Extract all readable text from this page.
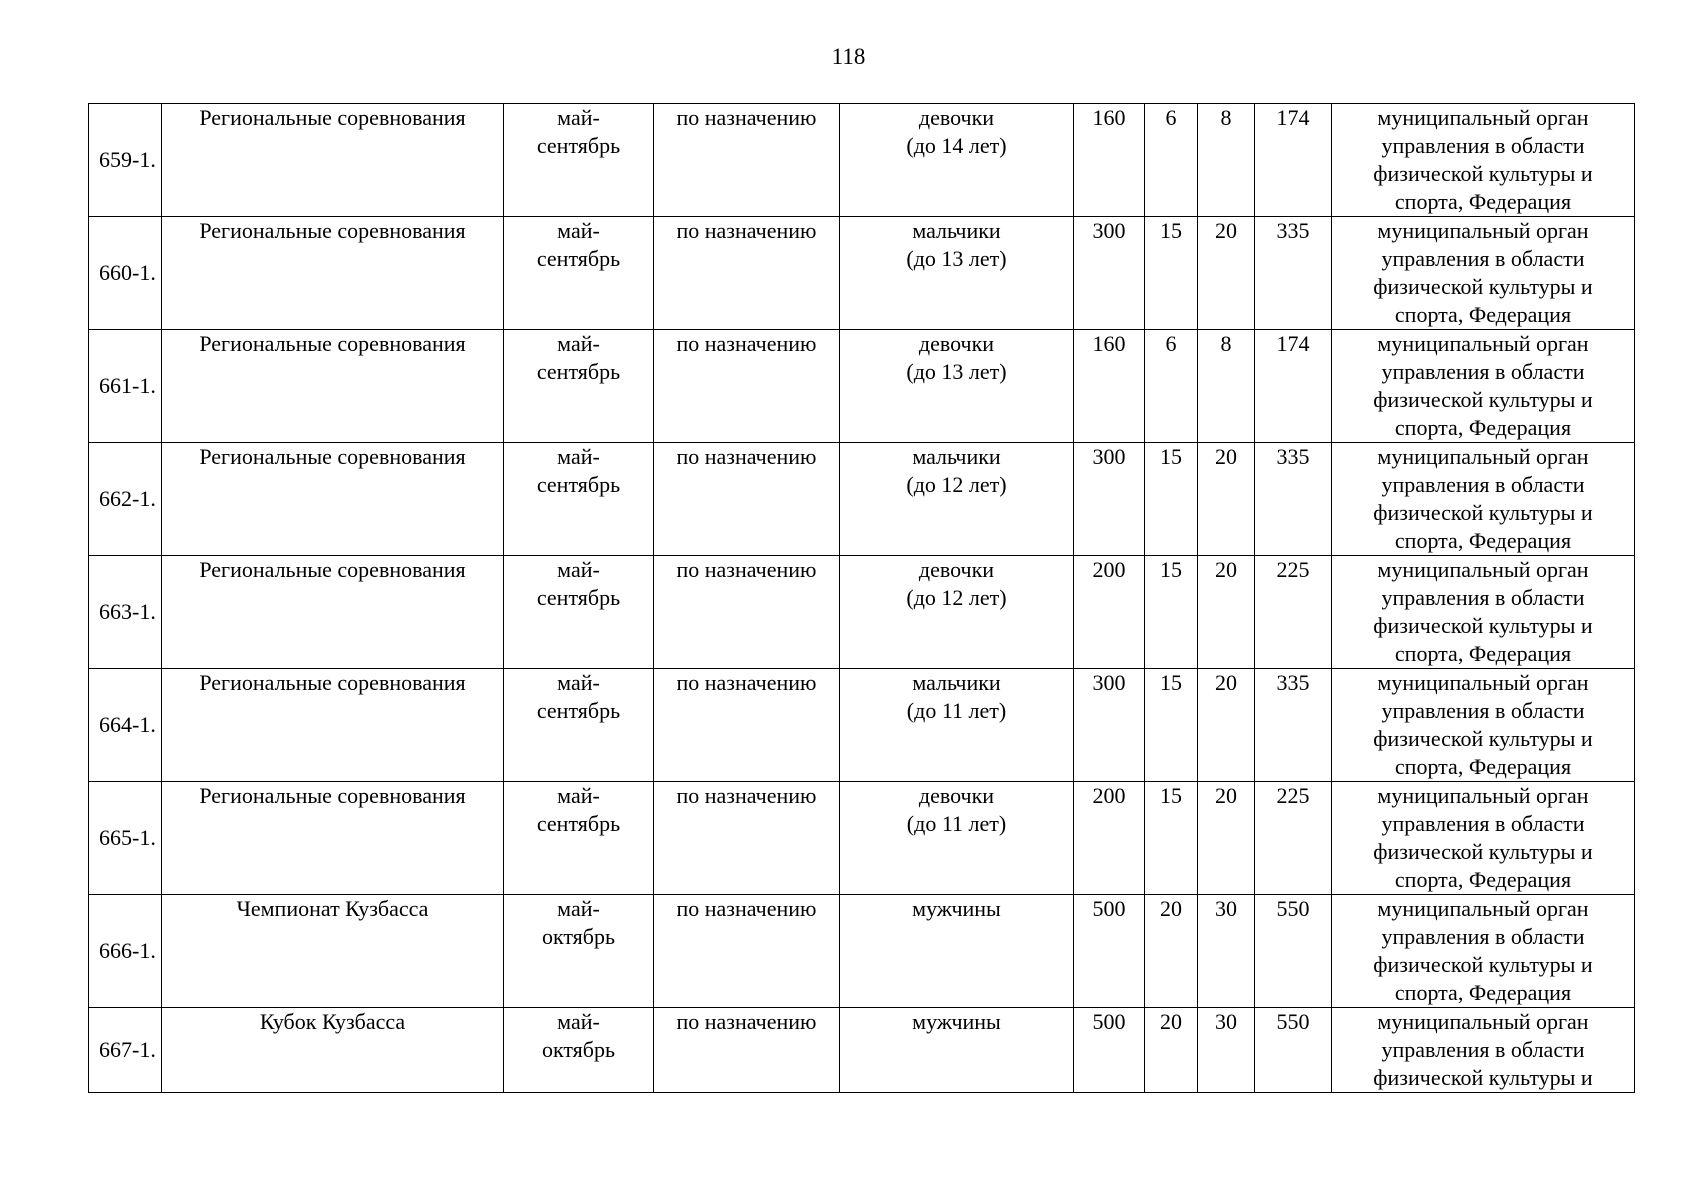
118
659-1.	Региональные соревнования	май-
сентябрь	по назначению	девочки
(до 14 лет)	160	6	8	174	муниципальный орган
управления в области
физической культуры и
спорта, Федерация
660-1.	Региональные соревнования	май-
сентябрь	по назначению	мальчики
(до 13 лет)	300	15	20	335	муниципальный орган
управления в области
физической культуры и
спорта, Федерация
661-1.	Региональные соревнования	май-
сентябрь	по назначению	девочки
(до 13 лет)	160	6	8	174	муниципальный орган
управления в области
физической культуры и
спорта, Федерация
662-1.	Региональные соревнования	май-
сентябрь	по назначению	мальчики
(до 12 лет)	300	15	20	335	муниципальный орган
управления в области
физической культуры и
спорта, Федерация
663-1.	Региональные соревнования	май-
сентябрь	по назначению	девочки
(до 12 лет)	200	15	20	225	муниципальный орган
управления в области
физической культуры и
спорта, Федерация
664-1.	Региональные соревнования	май-
сентябрь	по назначению	мальчики
(до 11 лет)	300	15	20	335	муниципальный орган
управления в области
физической культуры и
спорта, Федерация
665-1.	Региональные соревнования	май-
сентябрь	по назначению	девочки
(до 11 лет)	200	15	20	225	муниципальный орган
управления в области
физической культуры и
спорта, Федерация
666-1.	Чемпионат Кузбасса	май-
октябрь	по назначению	мужчины	500	20	30	550	муниципальный орган
управления в области
физической культуры и
спорта, Федерация
667-1.	Кубок Кузбасса	май-
октябрь	по назначению	мужчины	500	20	30	550	муниципальный орган
управления в области
физической культуры и
